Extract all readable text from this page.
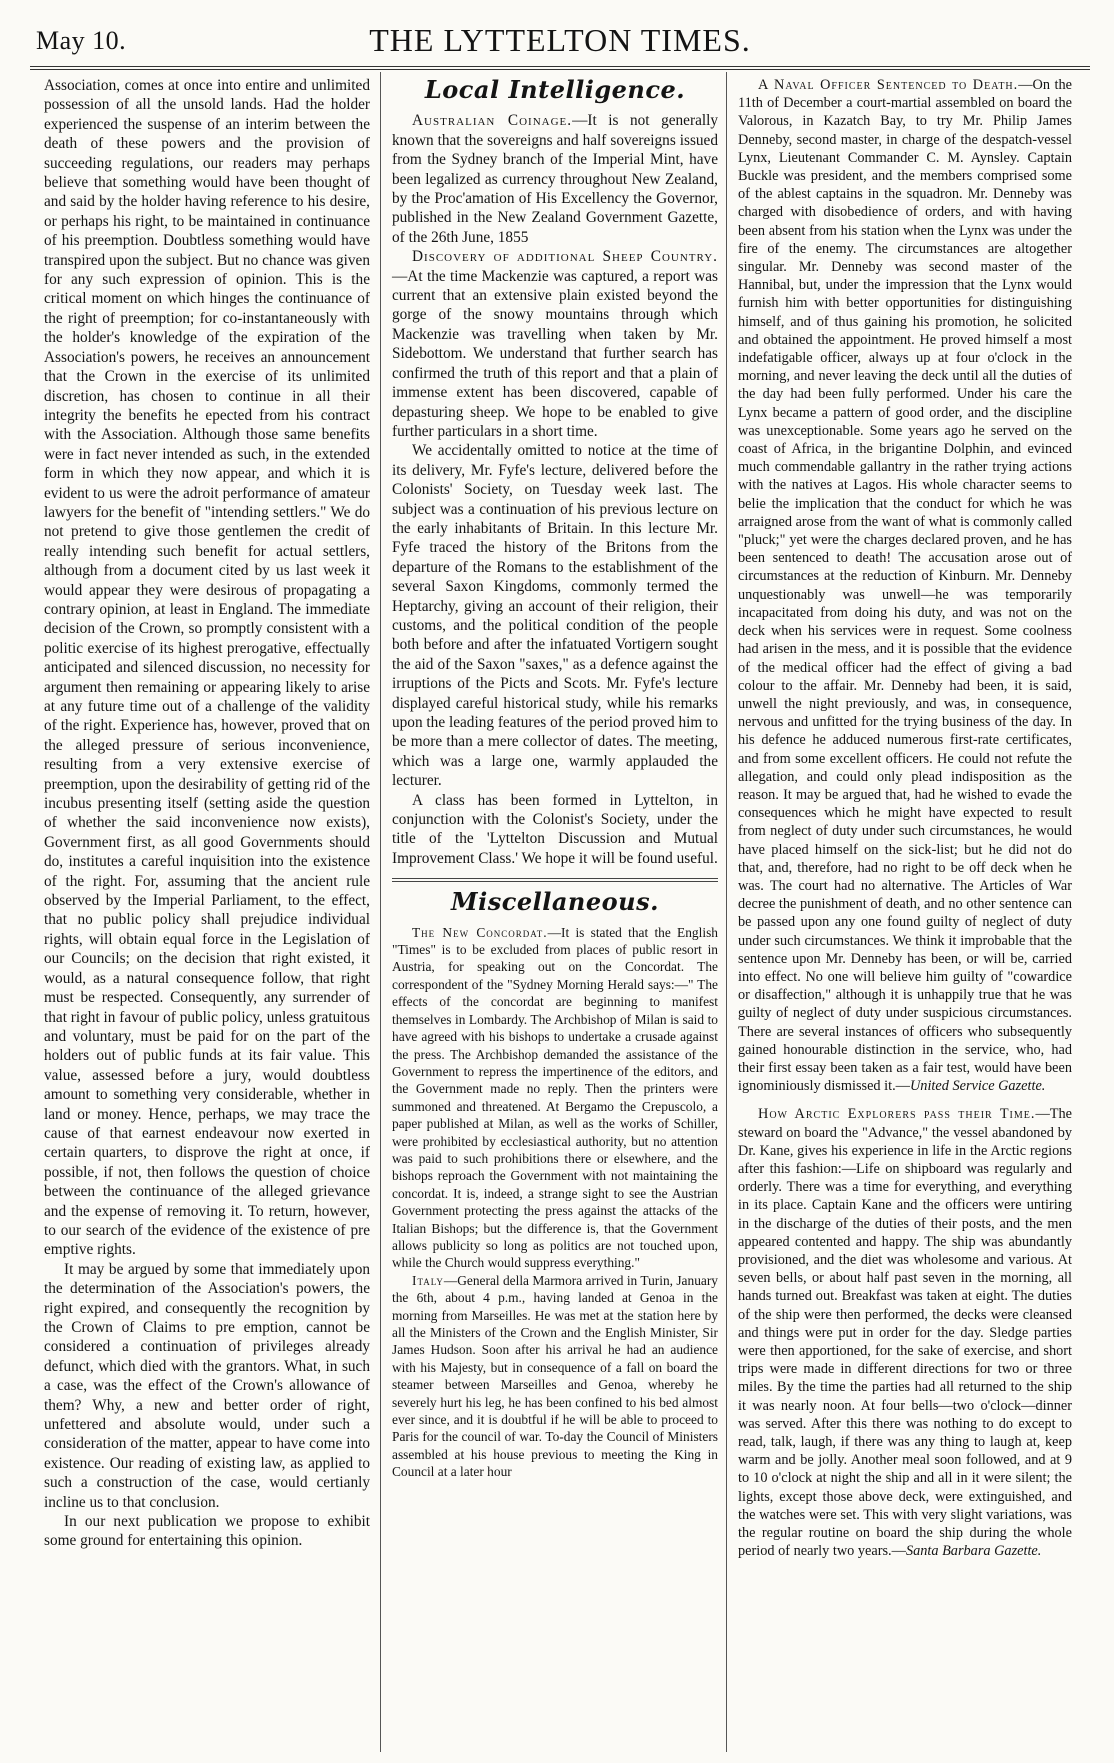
May 10.	THE LYTTELTON TIMES.

Association, comes at once into entire and unlimited possession of all the unsold lands. Had the holder experienced the suspense of an interim between the death of these powers and the provision of succeeding regulations, our readers may perhaps believe that something would have been thought of and said by the holder having reference to his desire, or perhaps his right, to be maintained in continuance of his preemption. Doubtless something would have transpired upon the subject. But no chance was given for any such expression of opinion. This is the critical moment on which hinges the continuance of the right of preemption; for co-instantaneously with the holder's knowledge of the expiration of the Association's powers, he receives an announcement that the Crown in the exercise of its unlimited discretion, has chosen to continue in all their integrity the benefits he epected from his contract with the Association. Although those same benefits were in fact never intended as such, in the extended form in which they now appear, and which it is evident to us were the adroit performance of amateur lawyers for the benefit of "intending settlers." We do not pretend to give those gentlemen the credit of really intending such benefit for actual settlers, although from a document cited by us last week it would appear they were desirous of propagating a contrary opinion, at least in England. The immediate decision of the Crown, so promptly consistent with a politic exercise of its highest prerogative, effectually anticipated and silenced discussion, no necessity for argument then remaining or appearing likely to arise at any future time out of a challenge of the validity of the right. Experience has, however, proved that on the alleged pressure of serious inconvenience, resulting from a very extensive exercise of preemption, upon the desirability of getting rid of the incubus presenting itself (setting aside the question of whether the said inconvenience now exists), Government first, as all good Governments should do, institutes a careful inquisition into the existence of the right. For, assuming that the ancient rule observed by the Imperial Parliament, to the effect, that no public policy shall prejudice individual rights, will obtain equal force in the Legislation of our Councils; on the decision that right existed, it would, as a natural consequence follow, that right must be respected. Consequently, any surrender of that right in favour of public policy, unless gratuitous and voluntary, must be paid for on the part of the holders out of public funds at its fair value. This value, assessed before a jury, would doubtless amount to something very considerable, whether in land or money. Hence, perhaps, we may trace the cause of that earnest endeavour now exerted in certain quarters, to disprove the right at once, if possible, if not, then follows the question of choice between the continuance of the alleged grievance and the expense of removing it. To return, however, to our search of the evidence of the existence of pre emptive rights.

It may be argued by some that immediately upon the determination of the Association's powers, the right expired, and consequently the recognition by the Crown of Claims to pre emption, cannot be considered a continuation of privileges already defunct, which died with the grantors. What, in such a case, was the effect of the Crown's allowance of them? Why, a new and better order of right, unfettered and absolute would, under such a consideration of the matter, appear to have come into existence. Our reading of existing law, as applied to such a construction of the case, would certianly incline us to that conclusion.

In our next publication we propose to exhibit some ground for entertaining this opinion.

Local Intelligence.

Australian Coinage.—It is not generally known that the sovereigns and half sovereigns issued from the Sydney branch of the Imperial Mint, have been legalized as currency throughout New Zealand, by the Proc'amation of His Excellency the Governor, published in the New Zealand Government Gazette, of the 26th June, 1855

Discovery of additional Sheep Country.—At the time Mackenzie was captured, a report was current that an extensive plain existed beyond the gorge of the snowy mountains through which Mackenzie was travelling when taken by Mr. Sidebottom. We understand that further search has confirmed the truth of this report and that a plain of immense extent has been discovered, capable of depasturing sheep. We hope to be enabled to give further particulars in a short time.

We accidentally omitted to notice at the time of its delivery, Mr. Fyfe's lecture, delivered before the Colonists' Society, on Tuesday week last. The subject was a continuation of his previous lecture on the early inhabitants of Britain. In this lecture Mr. Fyfe traced the history of the Britons from the departure of the Romans to the establishment of the several Saxon Kingdoms, commonly termed the Heptarchy, giving an account of their religion, their customs, and the political condition of the people both before and after the infatuated Vortigern sought the aid of the Saxon "saxes," as a defence against the irruptions of the Picts and Scots. Mr. Fyfe's lecture displayed careful historical study, while his remarks upon the leading features of the period proved him to be more than a mere collector of dates. The meeting, which was a large one, warmly applauded the lecturer.

A class has been formed in Lyttelton, in conjunction with the Colonist's Society, under the title of the 'Lyttelton Discussion and Mutual Improvement Class.' We hope it will be found useful.

Miscellaneous.

The New Concordat.—It is stated that the English "Times" is to be excluded from places of public resort in Austria, for speaking out on the Concordat. The correspondent of the "Sydney Morning Herald says:—" The effects of the concordat are beginning to manifest themselves in Lombardy. The Archbishop of Milan is said to have agreed with his bishops to undertake a crusade against the press. The Archbishop demanded the assistance of the Government to repress the impertinence of the editors, and the Government made no reply. Then the printers were summoned and threatened. At Bergamo the Crepuscolo, a paper published at Milan, as well as the works of Schiller, were prohibited by ecclesiastical authority, but no attention was paid to such prohibitions there or elsewhere, and the bishops reproach the Government with not maintaining the concordat. It is, indeed, a strange sight to see the Austrian Government protecting the press against the attacks of the Italian Bishops; but the difference is, that the Government allows publicity so long as politics are not touched upon, while the Church would suppress everything."

Italy—General della Marmora arrived in Turin, January the 6th, about 4 p.m., having landed at Genoa in the morning from Marseilles. He was met at the station here by all the Ministers of the Crown and the English Minister, Sir James Hudson. Soon after his arrival he had an audience with his Majesty, but in consequence of a fall on board the steamer between Marseilles and Genoa, whereby he severely hurt his leg, he has been confined to his bed almost ever since, and it is doubtful if he will be able to proceed to Paris for the council of war. To-day the Council of Ministers assembled at his house previous to meeting the King in Council at a later hour

A Naval Officer Sentenced to Death.—On the 11th of December a court-martial assembled on board the Valorous, in Kazatch Bay, to try Mr. Philip James Denneby, second master, in charge of the despatch-vessel Lynx, Lieutenant Commander C. M. Aynsley. Captain Buckle was president, and the members comprised some of the ablest captains in the squadron. Mr. Denneby was charged with disobedience of orders, and with having been absent from his station when the Lynx was under the fire of the enemy. The circumstances are altogether singular. Mr. Denneby was second master of the Hannibal, but, under the impression that the Lynx would furnish him with better opportunities for distinguishing himself, and of thus gaining his promotion, he solicited and obtained the appointment. He proved himself a most indefatigable officer, always up at four o'clock in the morning, and never leaving the deck until all the duties of the day had been fully performed. Under his care the Lynx became a pattern of good order, and the discipline was unexceptionable. Some years ago he served on the coast of Africa, in the brigantine Dolphin, and evinced much commendable gallantry in the rather trying actions with the natives at Lagos. His whole character seems to belie the implication that the conduct for which he was arraigned arose from the want of what is commonly called "pluck;" yet were the charges declared proven, and he has been sentenced to death! The accusation arose out of circumstances at the reduction of Kinburn. Mr. Denneby unquestionably was unwell—he was temporarily incapacitated from doing his duty, and was not on the deck when his services were in request. Some coolness had arisen in the mess, and it is possible that the evidence of the medical officer had the effect of giving a bad colour to the affair. Mr. Denneby had been, it is said, unwell the night previously, and was, in consequence, nervous and unfitted for the trying business of the day. In his defence he adduced numerous first-rate certificates, and from some excellent officers. He could not refute the allegation, and could only plead indisposition as the reason. It may be argued that, had he wished to evade the consequences which he might have expected to result from neglect of duty under such circumstances, he would have placed himself on the sick-list; but he did not do that, and, therefore, had no right to be off deck when he was. The court had no alternative. The Articles of War decree the punishment of death, and no other sentence can be passed upon any one found guilty of neglect of duty under such circumstances. We think it improbable that the sentence upon Mr. Denneby has been, or will be, carried into effect. No one will believe him guilty of "cowardice or disaffection," although it is unhappily true that he was guilty of neglect of duty under suspicious circumstances. There are several instances of officers who subsequently gained honourable distinction in the service, who, had their first essay been taken as a fair test, would have been ignominiously dismissed it.—United Service Gazette.

How Arctic Explorers pass their Time.—The steward on board the "Advance," the vessel abandoned by Dr. Kane, gives his experience in life in the Arctic regions after this fashion:—Life on shipboard was regularly and orderly. There was a time for everything, and everything in its place. Captain Kane and the officers were untiring in the discharge of the duties of their posts, and the men appeared contented and happy. The ship was abundantly provisioned, and the diet was wholesome and various. At seven bells, or about half past seven in the morning, all hands turned out. Breakfast was taken at eight. The duties of the ship were then performed, the decks were cleansed and things were put in order for the day. Sledge parties were then apportioned, for the sake of exercise, and short trips were made in different directions for two or three miles. By the time the parties had all returned to the ship it was nearly noon. At four bells—two o'clock—dinner was served. After this there was nothing to do except to read, talk, laugh, if there was any thing to laugh at, keep warm and be jolly. Another meal soon followed, and at 9 to 10 o'clock at night the ship and all in it were silent; the lights, except those above deck, were extinguished, and the watches were set. This with very slight variations, was the regular routine on board the ship during the whole period of nearly two years.—Santa Barbara Gazette.
